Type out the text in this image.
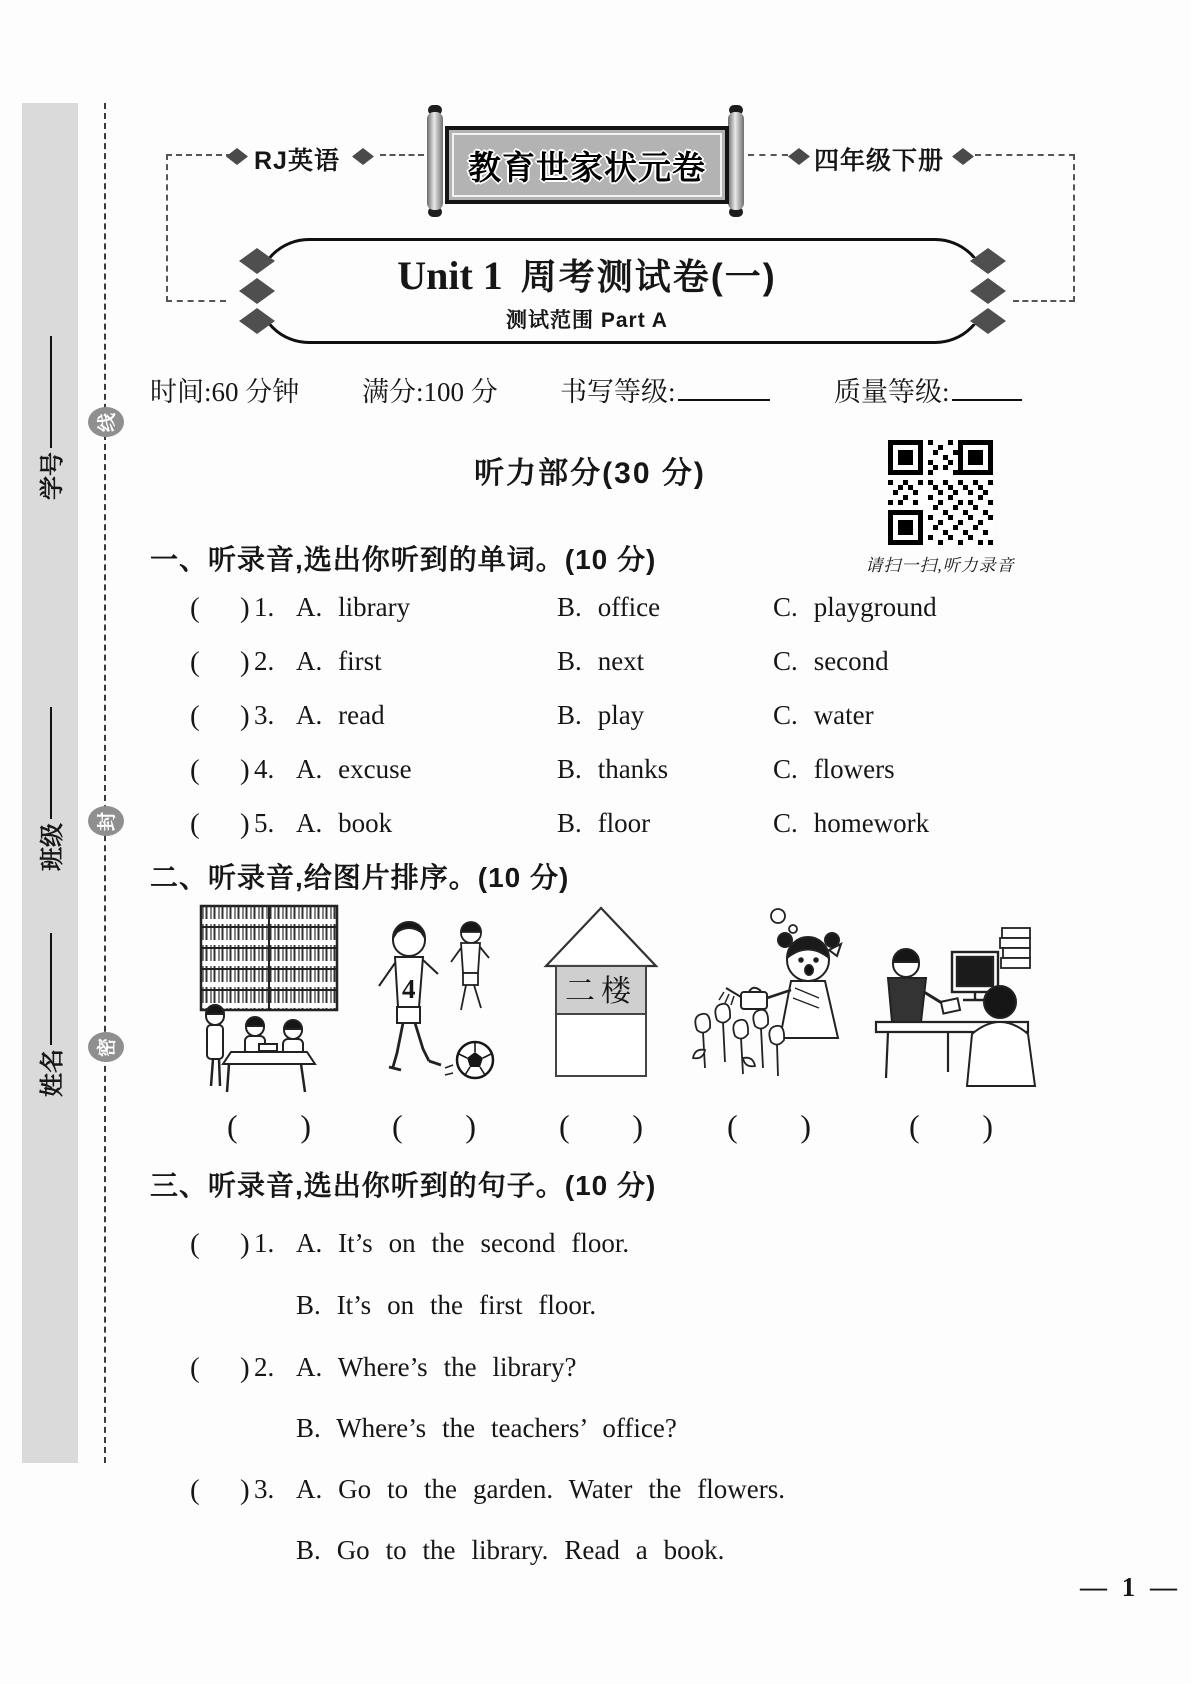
学号
班级
姓名
线
封
密
RJ英语	四年级下册
教育世家状元卷
Unit 1 周考测试卷(一)
测试范围 Part A
时间:60 分钟 满分:100 分 书写等级:	质量等级:
请扫一扫,听力录音
听力部分(30 分)
一、听录音,选出你听到的单词。(10 分)
(	) 1. A. library	B. office	C. playground
(	) 2. A. first	B. next	C. second
(	) 3. A. read	B. play	C. water
(	) 4. A. excuse	B. thanks	C. flowers
(	) 5. A. book	B. floor	C. homework
二、听录音,给图片排序。(10 分)
4	二楼
( )	( )	( )	( )	( )
三、听录音,选出你听到的句子。(10 分)
(	) 1. A. It’s on the second floor.
B. It’s on the first floor.
(	) 2. A. Where’s the library?
B. Where’s the teachers’ office?
(	) 3. A. Go to the garden. Water the flowers.
B. Go to the library. Read a book.
— 1 —
